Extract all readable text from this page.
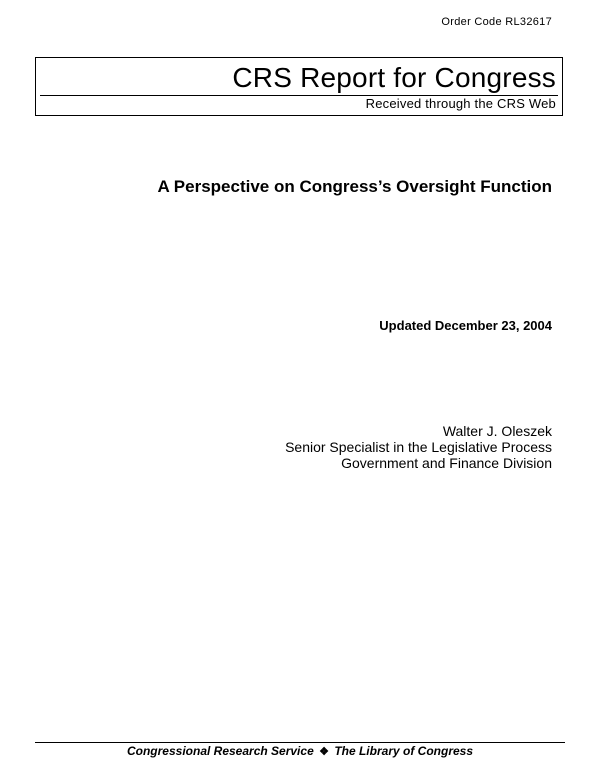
Order Code RL32617
CRS Report for Congress
Received through the CRS Web
A Perspective on Congress’s Oversight Function
Updated December 23, 2004
Walter J. Oleszek
Senior Specialist in the Legislative Process
Government and Finance Division
Congressional Research Service ❖ The Library of Congress
